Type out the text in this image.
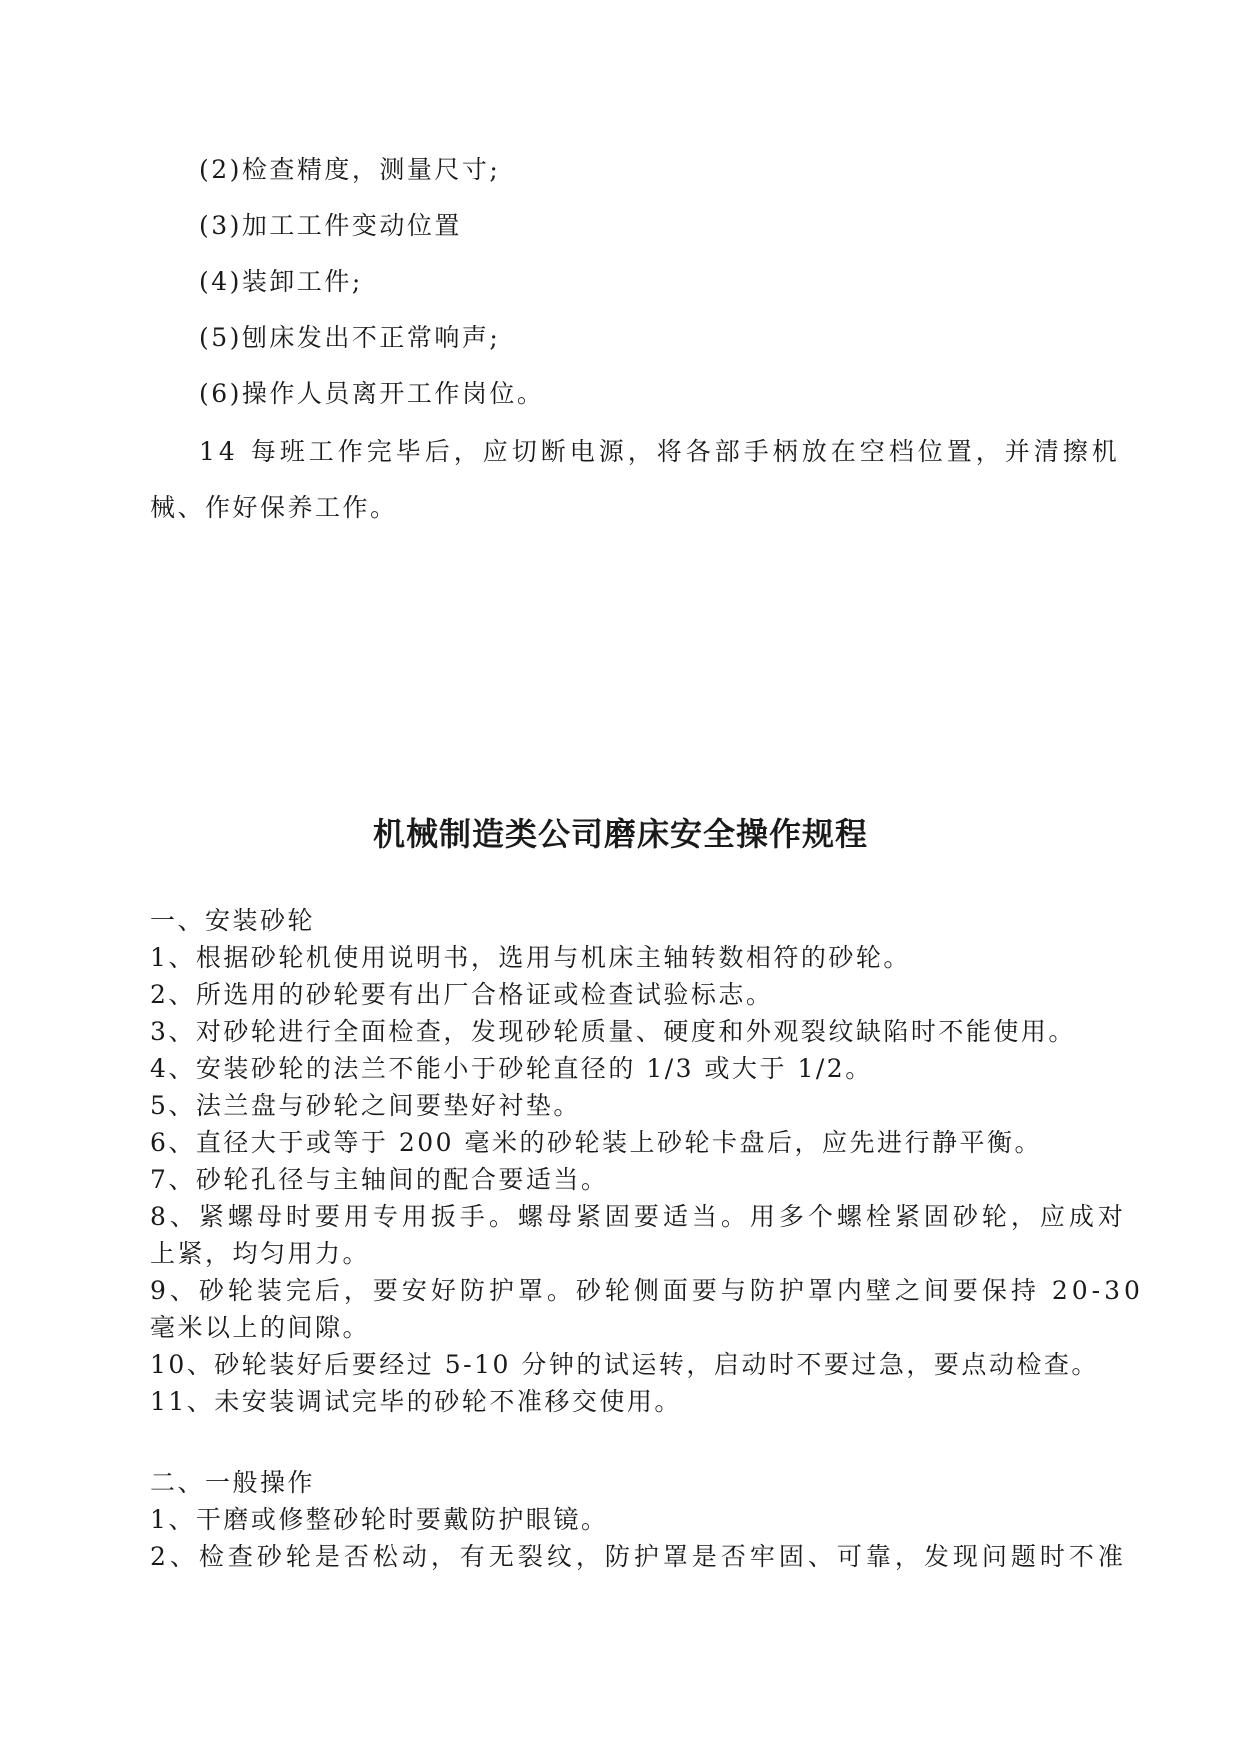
(2)检查精度，测量尺寸;
(3)加工工件变动位置
(4)装卸工件;
(5)刨床发出不正常响声;
(6)操作人员离开工作岗位。
14 每班工作完毕后，应切断电源，将各部手柄放在空档位置，并清擦机
械、作好保养工作。
机械制造类公司磨床安全操作规程
一、安装砂轮
1、根据砂轮机使用说明书，选用与机床主轴转数相符的砂轮。
2、所选用的砂轮要有出厂合格证或检查试验标志。
3、对砂轮进行全面检查，发现砂轮质量、硬度和外观裂纹缺陷时不能使用。
4、安装砂轮的法兰不能小于砂轮直径的 1/3 或大于 1/2。
5、法兰盘与砂轮之间要垫好衬垫。
6、直径大于或等于 200 毫米的砂轮装上砂轮卡盘后，应先进行静平衡。
7、砂轮孔径与主轴间的配合要适当。
8、紧螺母时要用专用扳手。螺母紧固要适当。用多个螺栓紧固砂轮，应成对
上紧，均匀用力。
9、砂轮装完后，要安好防护罩。砂轮侧面要与防护罩内壁之间要保持 20-30
毫米以上的间隙。
10、砂轮装好后要经过 5-10 分钟的试运转，启动时不要过急，要点动检查。
11、未安装调试完毕的砂轮不准移交使用。
二、一般操作
1、干磨或修整砂轮时要戴防护眼镜。
2、检查砂轮是否松动，有无裂纹，防护罩是否牢固、可靠，发现问题时不准
